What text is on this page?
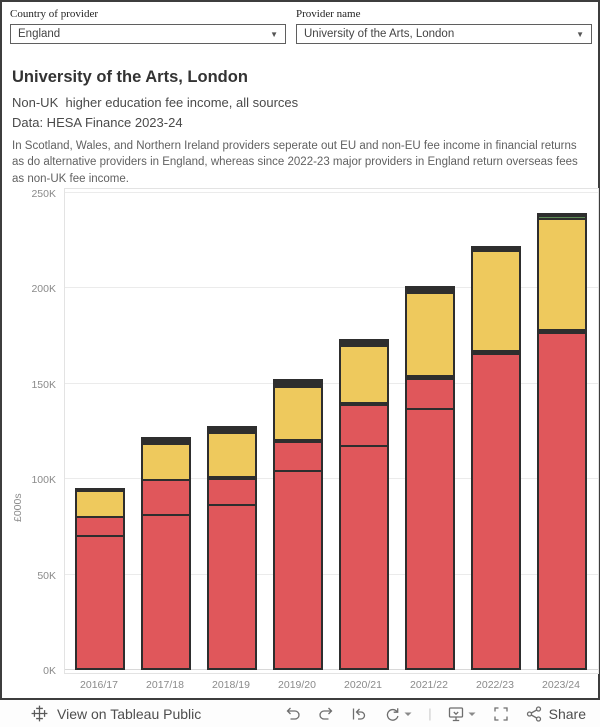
Country of provider
England	▼
Provider name
University of the Arts, London	▼
University of the Arts, London
Non-UK  higher education fee income, all sources
Data: HESA Finance 2023-24
In Scotland, Wales, and Northern Ireland providers seperate out EU and non-EU fee income in financial returns as do alternative providers in England, whereas since 2022-23 major providers in England return overseas fees as non-UK fee income.
£000s
0K
50K
100K
150K
200K
250K
2016/17	2017/18	2018/19	2019/20	2020/21	2021/22	2022/23	2023/24
View on Tableau Public	|	Share
